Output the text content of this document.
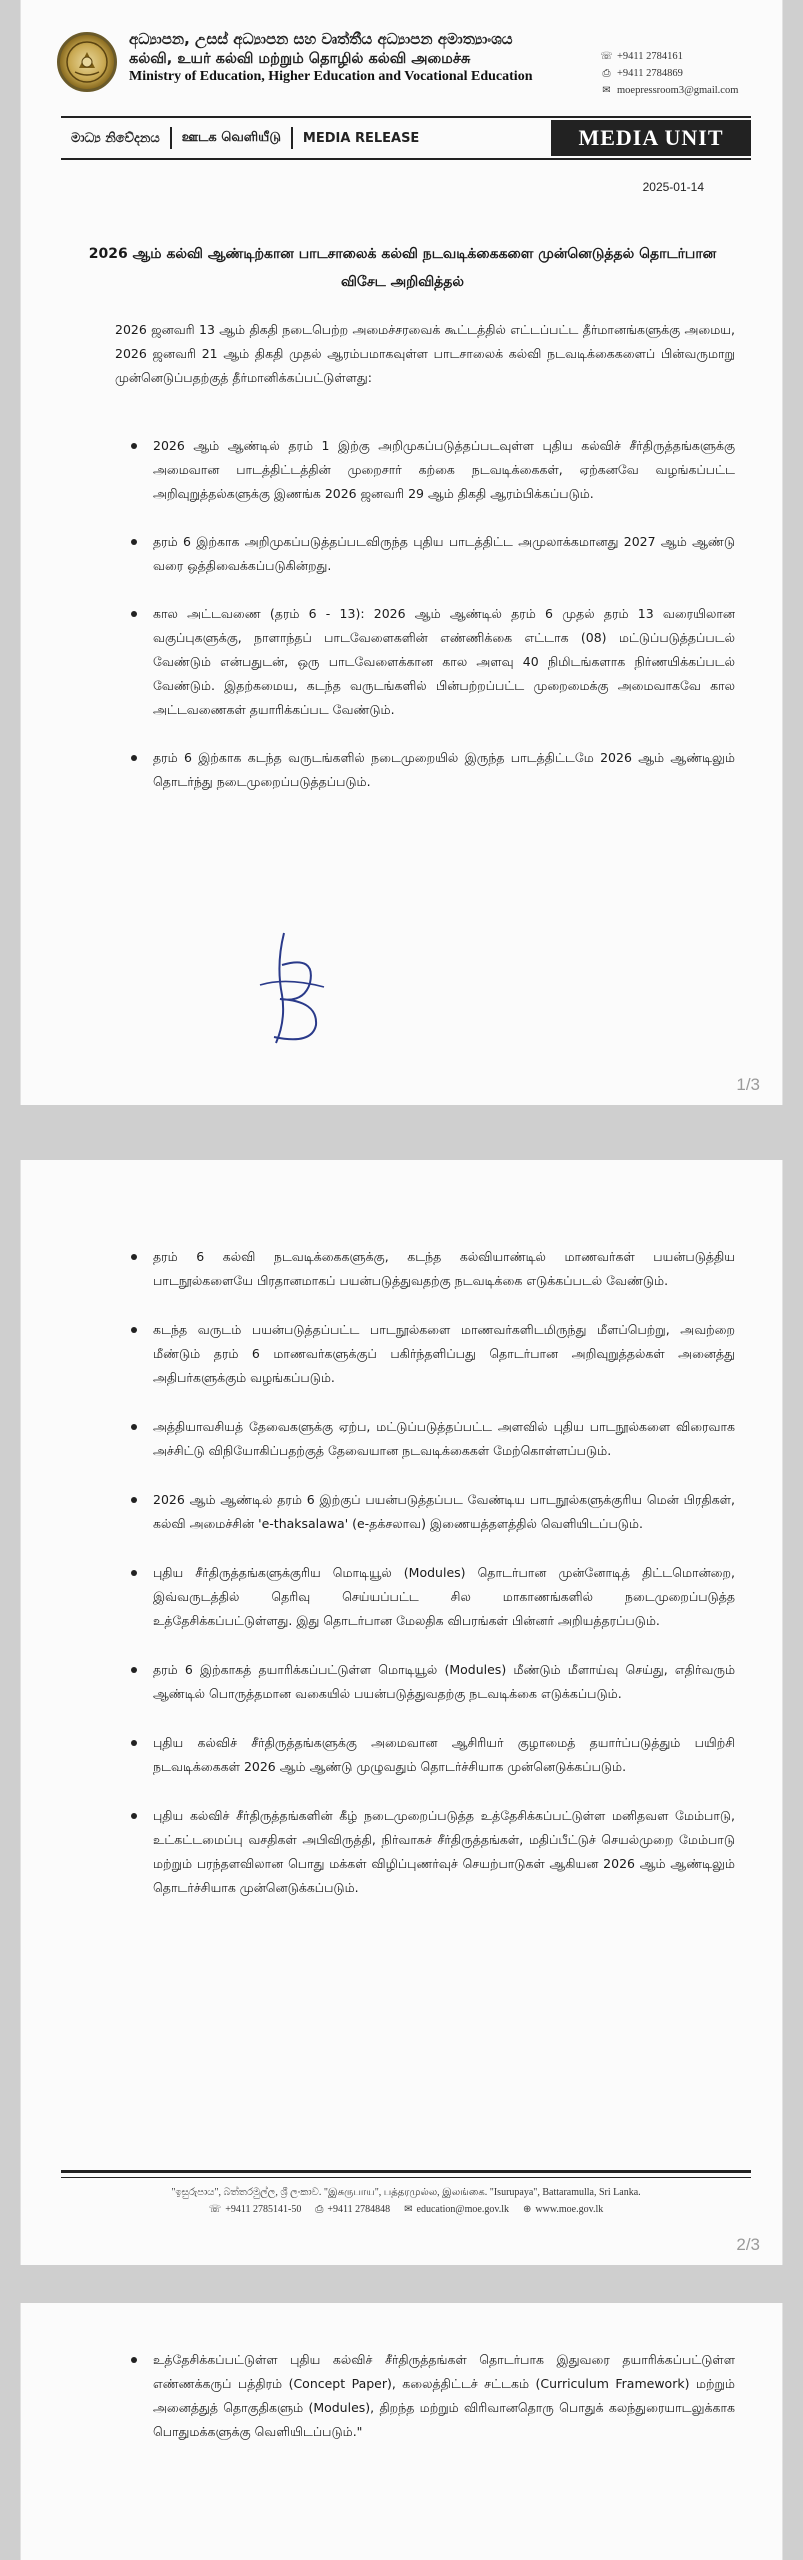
අධ්‍යාපන, උසස් අධ්‍යාපන සහ වෘත්තීය අධ්‍යාපන අමාත්‍යාංශය
கல்வி, உயர் கல்வி மற்றும் தொழில் கல்வி அமைச்சு
Ministry of Education, Higher Education and Vocational Education
☏ +9411 2784161
⎙ +9411 2784869
✉ moepressroom3@gmail.com
මාධ්‍ය නිවේදනය	ஊடக வெளியீடு	MEDIA RELEASE	MEDIA UNIT
2025-01-14
2026 ஆம் கல்வி ஆண்டிற்கான பாடசாலைக் கல்வி நடவடிக்கைகளை முன்னெடுத்தல் தொடர்பான விசேட அறிவித்தல்

2026 ஜனவரி 13 ஆம் திகதி நடைபெற்ற அமைச்சரவைக் கூட்டத்தில் எட்டப்பட்ட தீர்மானங்களுக்கு அமைய, 2026 ஜனவரி 21 ஆம் திகதி முதல் ஆரம்பமாகவுள்ள பாடசாலைக் கல்வி நடவடிக்கைகளைப் பின்வருமாறு முன்னெடுப்பதற்குத் தீர்மானிக்கப்பட்டுள்ளது:

2026 ஆம் ஆண்டில் தரம் 1 இற்கு அறிமுகப்படுத்தப்படவுள்ள புதிய கல்விச் சீர்திருத்தங்களுக்கு அமைவான பாடத்திட்டத்தின் முறைசார் கற்கை நடவடிக்கைகள், ஏற்கனவே வழங்கப்பட்ட அறிவுறுத்தல்களுக்கு இணங்க 2026 ஜனவரி 29 ஆம் திகதி ஆரம்பிக்கப்படும்.
தரம் 6 இற்காக அறிமுகப்படுத்தப்படவிருந்த புதிய பாடத்திட்ட அமுலாக்கமானது 2027 ஆம் ஆண்டு வரை ஒத்திவைக்கப்படுகின்றது.
கால அட்டவணை (தரம் 6 - 13): 2026 ஆம் ஆண்டில் தரம் 6 முதல் தரம் 13 வரையிலான வகுப்புகளுக்கு, நாளாந்தப் பாடவேளைகளின் எண்ணிக்கை எட்டாக (08) மட்டுப்படுத்தப்படல் வேண்டும் என்பதுடன், ஒரு பாடவேளைக்கான கால அளவு 40 நிமிடங்களாக நிர்ணயிக்கப்படல் வேண்டும். இதற்கமைய, கடந்த வருடங்களில் பின்பற்றப்பட்ட முறைமைக்கு அமைவாகவே கால அட்டவணைகள் தயாரிக்கப்பட வேண்டும்.
தரம் 6 இற்காக கடந்த வருடங்களில் நடைமுறையில் இருந்த பாடத்திட்டமே 2026 ஆம் ஆண்டிலும் தொடர்ந்து நடைமுறைப்படுத்தப்படும்.
1/3
தரம் 6 கல்வி நடவடிக்கைகளுக்கு, கடந்த கல்வியாண்டில் மாணவர்கள் பயன்படுத்திய பாடநூல்களையே பிரதானமாகப் பயன்படுத்துவதற்கு நடவடிக்கை எடுக்கப்படல் வேண்டும்.
கடந்த வருடம் பயன்படுத்தப்பட்ட பாடநூல்களை மாணவர்களிடமிருந்து மீளப்பெற்று, அவற்றை மீண்டும் தரம் 6 மாணவர்களுக்குப் பகிர்ந்தளிப்பது தொடர்பான அறிவுறுத்தல்கள் அனைத்து அதிபர்களுக்கும் வழங்கப்படும்.
அத்தியாவசியத் தேவைகளுக்கு ஏற்ப, மட்டுப்படுத்தப்பட்ட அளவில் புதிய பாடநூல்களை விரைவாக அச்சிட்டு விநியோகிப்பதற்குத் தேவையான நடவடிக்கைகள் மேற்கொள்ளப்படும்.
2026 ஆம் ஆண்டில் தரம் 6 இற்குப் பயன்படுத்தப்பட வேண்டிய பாடநூல்களுக்குரிய மென் பிரதிகள், கல்வி அமைச்சின் 'e-thaksalawa' (e-தக்சலாவ) இணையத்தளத்தில் வெளியிடப்படும்.
புதிய சீர்திருத்தங்களுக்குரிய மொடியூல் (Modules) தொடர்பான முன்னோடித் திட்டமொன்றை, இவ்வருடத்தில் தெரிவு செய்யப்பட்ட சில மாகாணங்களில் நடைமுறைப்படுத்த உத்தேசிக்கப்பட்டுள்ளது. இது தொடர்பான மேலதிக விபரங்கள் பின்னர் அறியத்தரப்படும்.
தரம் 6 இற்காகத் தயாரிக்கப்பட்டுள்ள மொடியூல் (Modules) மீண்டும் மீளாய்வு செய்து, எதிர்வரும் ஆண்டில் பொருத்தமான வகையில் பயன்படுத்துவதற்கு நடவடிக்கை எடுக்கப்படும்.
புதிய கல்விச் சீர்திருத்தங்களுக்கு அமைவான ஆசிரியர் குழாமைத் தயார்ப்படுத்தும் பயிற்சி நடவடிக்கைகள் 2026 ஆம் ஆண்டு முழுவதும் தொடர்ச்சியாக முன்னெடுக்கப்படும்.
புதிய கல்விச் சீர்திருத்தங்களின் கீழ் நடைமுறைப்படுத்த உத்தேசிக்கப்பட்டுள்ள மனிதவள மேம்பாடு, உட்கட்டமைப்பு வசதிகள் அபிவிருத்தி, நிர்வாகச் சீர்திருத்தங்கள், மதிப்பீட்டுச் செயல்முறை மேம்பாடு மற்றும் பரந்தளவிலான பொது மக்கள் விழிப்புணர்வுச் செயற்பாடுகள் ஆகியன 2026 ஆம் ஆண்டிலும் தொடர்ச்சியாக முன்னெடுக்கப்படும்.
"ඉසුරුපාය", බත්තරමුල්ල, ශ්‍රී ලංකාව. "இசுருபாய", பத்தரமுல்ல, இலங்கை. "Isurupaya", Battaramulla, Sri Lanka.
☏ +9411 2785141-50 ⎙ +9411 2784848 ✉ education@moe.gov.lk ⊕ www.moe.gov.lk
2/3
உத்தேசிக்கப்பட்டுள்ள புதிய கல்விச் சீர்திருத்தங்கள் தொடர்பாக இதுவரை தயாரிக்கப்பட்டுள்ள எண்ணக்கருப் பத்திரம் (Concept Paper), கலைத்திட்டச் சட்டகம் (Curriculum Framework) மற்றும் அனைத்துத் தொகுதிகளும் (Modules), திறந்த மற்றும் விரிவானதொரு பொதுக் கலந்துரையாடலுக்காக பொதுமக்களுக்கு வெளியிடப்படும்."
